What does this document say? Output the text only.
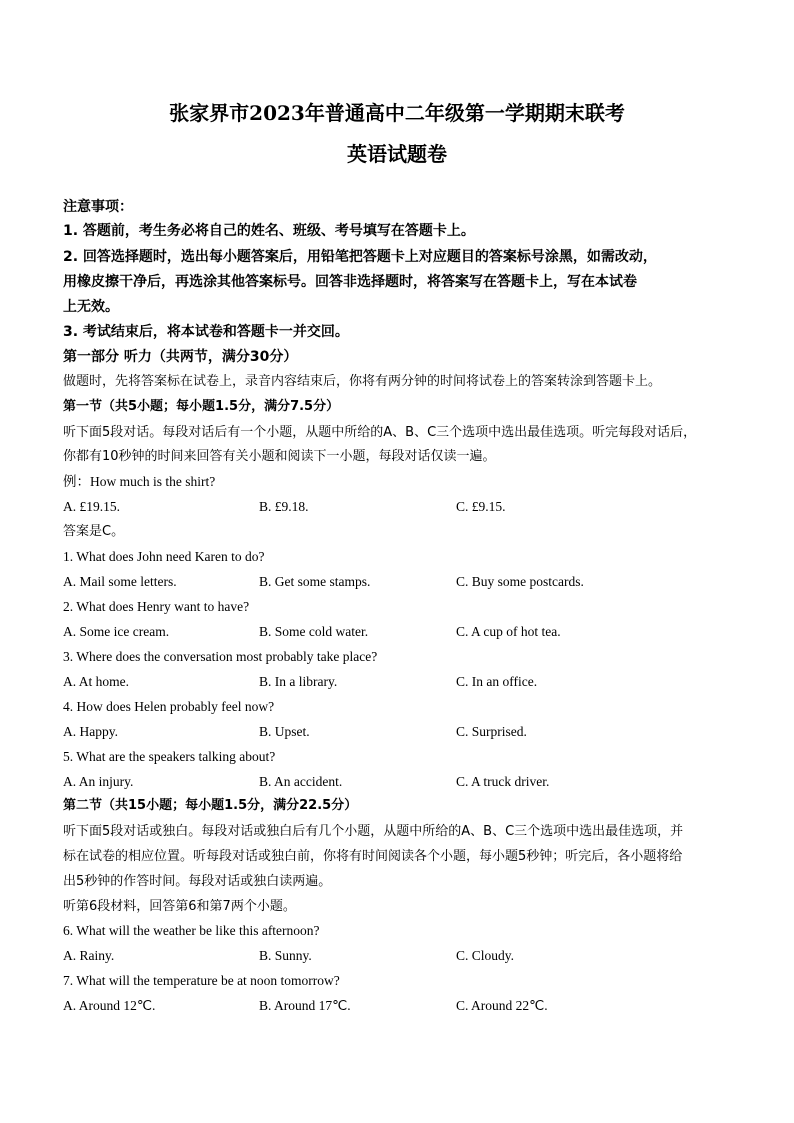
张家界市2023年普通高中二年级第一学期期末联考
英语试题卷
注意事项：
1. 答题前，考生务必将自己的姓名、班级、考号填写在答题卡上。
2. 回答选择题时，选出每小题答案后，用铅笔把答题卡上对应题目的答案标号涂黑，如需改动，
用橡皮擦干净后，再选涂其他答案标号。回答非选择题时，将答案写在答题卡上，写在本试卷
上无效。
3. 考试结束后，将本试卷和答题卡一并交回。
第一部分 听力（共两节，满分30分）
做题时，先将答案标在试卷上，录音内容结束后，你将有两分钟的时间将试卷上的答案转涂到答题卡上。
第一节（共5小题；每小题1.5分，满分7.5分）
听下面5段对话。每段对话后有一个小题，从题中所给的A、B、C三个选项中选出最佳选项。听完每段对话后，
你都有10秒钟的时间来回答有关小题和阅读下一小题，每段对话仅读一遍。
例：How much is the shirt?
A. £19.15.	B. £9.18.	C. £9.15.
答案是C。
1. What does John need Karen to do?
A. Mail some letters.	B. Get some stamps.	C. Buy some postcards.
2. What does Henry want to have?
A. Some ice cream.	B. Some cold water.	C. A cup of hot tea.
3. Where does the conversation most probably take place?
A. At home.	B. In a library.	C. In an office.
4. How does Helen probably feel now?
A. Happy.	B. Upset.	C. Surprised.
5. What are the speakers talking about?
A. An injury.	B. An accident.	C. A truck driver.
第二节（共15小题；每小题1.5分，满分22.5分）
听下面5段对话或独白。每段对话或独白后有几个小题，从题中所给的A、B、C三个选项中选出最佳选项，并
标在试卷的相应位置。听每段对话或独白前，你将有时间阅读各个小题，每小题5秒钟；听完后，各小题将给
出5秒钟的作答时间。每段对话或独白读两遍。
听第6段材料，回答第6和第7两个小题。
6. What will the weather be like this afternoon?
A. Rainy.	B. Sunny.	C. Cloudy.
7. What will the temperature be at noon tomorrow?
A. Around 12℃.	B. Around 17℃.	C. Around 22℃.
